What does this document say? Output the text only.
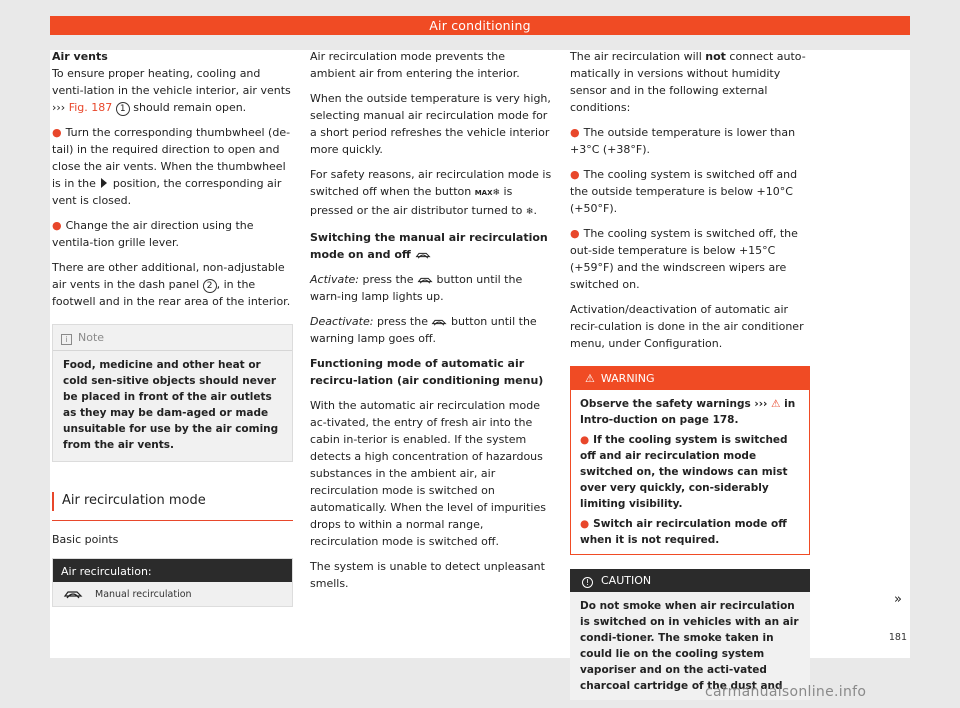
Air conditioning

Air vents

To ensure proper heating, cooling and venti-lation in the vehicle interior, air vents ››› Fig. 187 1 should remain open.

● Turn the corresponding thumbwheel (de-tail) in the required direction to open and close the air vents. When the thumbwheel is in the position, the corresponding air vent is closed.

● Change the air direction using the ventila-tion grille lever.

There are other additional, non-adjustable air vents in the dash panel 2 , in the footwell and in the rear area of the interior.

i Note
Food, medicine and other heat or cold sen-sitive objects should never be placed in front of the air outlets as they may be dam-aged or made unsuitable for use by the air coming from the air vents.
Air recirculation mode
Basic points
Air recirculation:
Manual recirculation

Air recirculation mode prevents the ambient air from entering the interior.

When the outside temperature is very high, selecting manual air recirculation mode for a short period refreshes the vehicle interior more quickly.

For safety reasons, air recirculation mode is switched off when the button MAX❄ is pressed or the air distributor turned to ❄.

Switching the manual air recirculation mode on and off

Activate: press the button until the warn-ing lamp lights up.

Deactivate: press the button until the warning lamp goes off.

Functioning mode of automatic air recircu-lation (air conditioning menu)

With the automatic air recirculation mode ac-tivated, the entry of fresh air into the cabin in-terior is enabled. If the system detects a high concentration of hazardous substances in the ambient air, air recirculation mode is switched on automatically. When the level of impurities drops to within a normal range, recirculation mode is switched off.

The system is unable to detect unpleasant smells.

The air recirculation will not connect auto-matically in versions without humidity sensor and in the following external conditions:

● The outside temperature is lower than +3°C (+38°F).

● The cooling system is switched off and the outside temperature is below +10°C (+50°F).

● The cooling system is switched off, the out-side temperature is below +15°C (+59°F) and the windscreen wipers are switched on.

Activation/deactivation of automatic air recir-culation is done in the air conditioner menu, under Configuration.

⚠ WARNING

Observe the safety warnings ››› ⚠ in Intro-duction on page 178.

● If the cooling system is switched off and air recirculation mode switched on, the windows can mist over very quickly, con-siderably limiting visibility.

● Switch air recirculation mode off when it is not required.

! CAUTION
Do not smoke when air recirculation is switched on in vehicles with an air condi-tioner. The smoke taken in could lie on the cooling system vaporiser and on the acti-vated charcoal cartridge of the dust and
»
181
carmanualsonline.info
